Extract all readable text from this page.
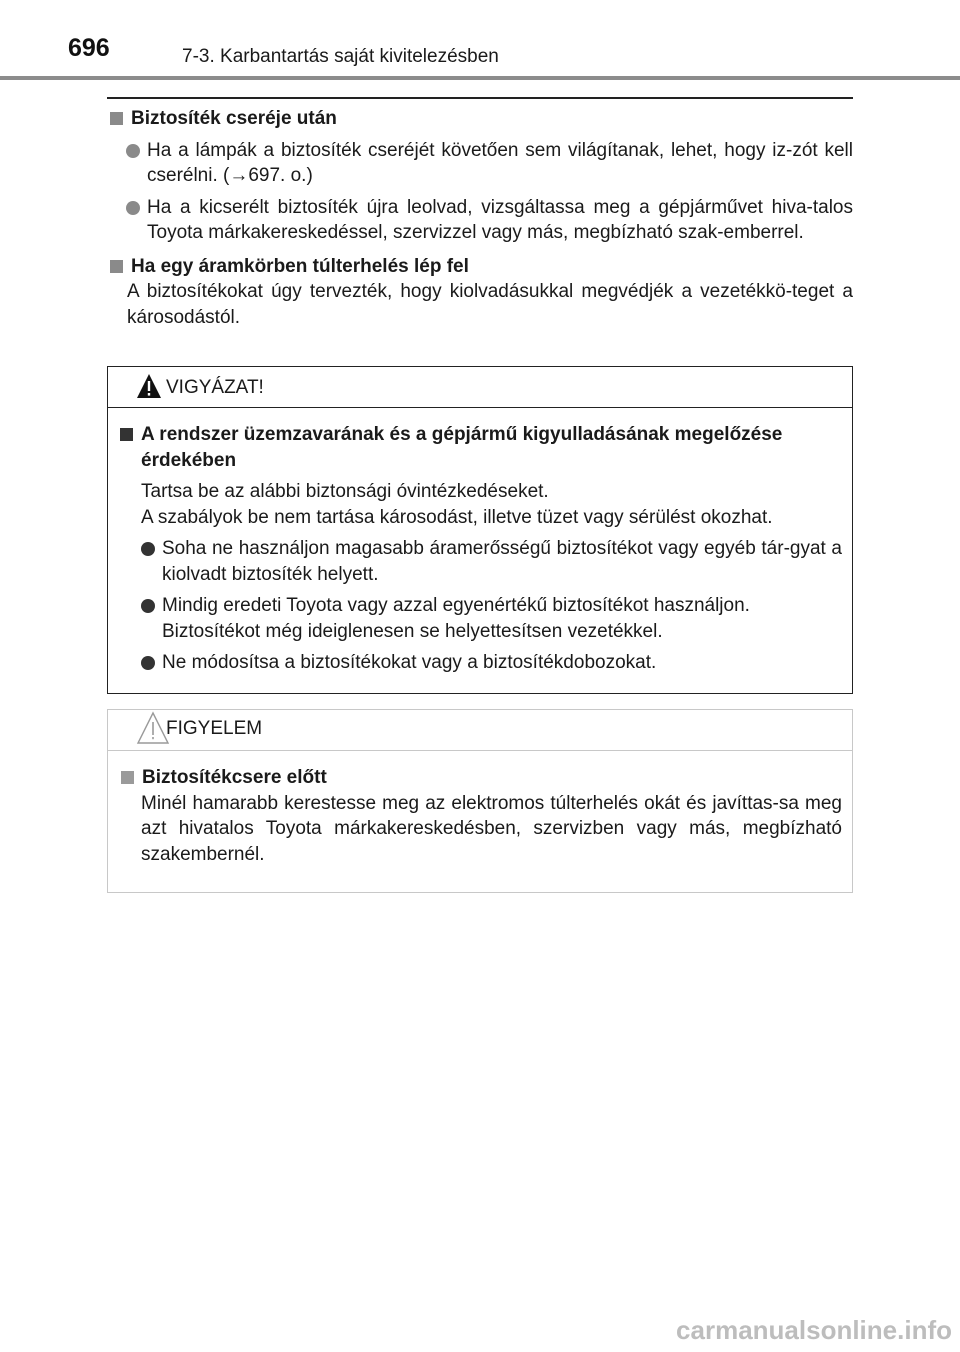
696	7-3. Karbantartás saját kivitelezésben
Biztosíték cseréje után
Ha a lámpák a biztosíték cseréjét követően sem világítanak, lehet, hogy iz-zót kell cserélni. (→697. o.)
Ha a kicserélt biztosíték újra leolvad, vizsgáltassa meg a gépjárművet hiva-talos Toyota márkakereskedéssel, szervizzel vagy más, megbízható szak-emberrel.
Ha egy áramkörben túlterhelés lép fel
A biztosítékokat úgy tervezték, hogy kiolvadásukkal megvédjék a vezetékkö-teget a károsodástól.
VIGYÁZAT!
A rendszer üzemzavarának és a gépjármű kigyulladásának megelőzése érdekében
Tartsa be az alábbi biztonsági óvintézkedéseket.
A szabályok be nem tartása károsodást, illetve tüzet vagy sérülést okozhat.
Soha ne használjon magasabb áramerősségű biztosítékot vagy egyéb tár-gyat a kiolvadt biztosíték helyett.
Mindig eredeti Toyota vagy azzal egyenértékű biztosítékot használjon. Biztosítékot még ideiglenesen se helyettesítsen vezetékkel.
Ne módosítsa a biztosítékokat vagy a biztosítékdobozokat.
FIGYELEM
Biztosítékcsere előtt
Minél hamarabb kerestesse meg az elektromos túlterhelés okát és javíttas-sa meg azt hivatalos Toyota márkakereskedésben, szervizben vagy más, megbízható szakembernél.
carmanualsonline.info
